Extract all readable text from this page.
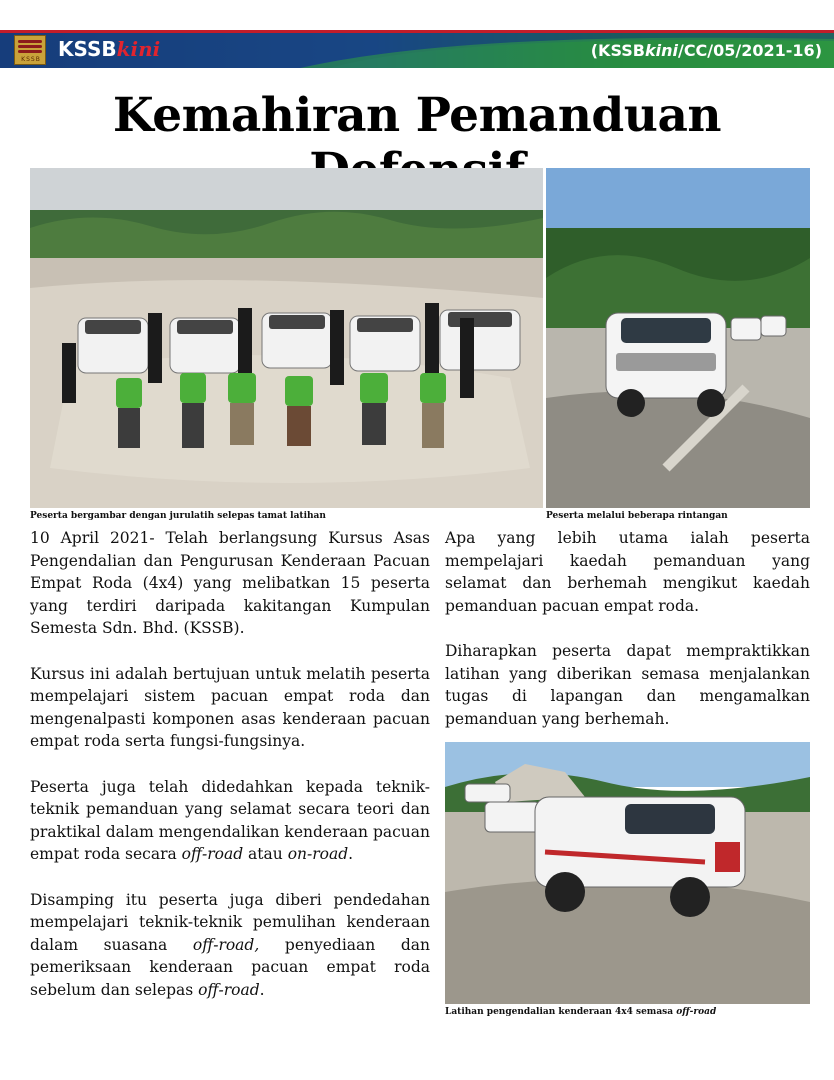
KSSB KSSBkini	(KSSBkini/CC/05/2021-16)
Kemahiran Pemanduan
Peserta bergambar dengan jurulatih selepas tamat latihan	Peserta melalui beberapa rintangan
Latihan pengendalian kenderaan 4x4 semasa off-road

10 April 2021- Telah berlangsung Kursus Asas Pengendalian dan Pengurusan Kenderaan Pacuan Empat Roda (4x4) yang melibatkan 15 peserta yang terdiri daripada kakitangan Kumpulan Semesta Sdn. Bhd. (KSSB).

Kursus ini adalah bertujuan untuk melatih peserta mempelajari sistem pacuan empat roda dan mengenalpasti komponen asas kenderaan pacuan empat roda serta fungsi-fungsinya.

Peserta juga telah didedahkan kepada teknik-teknik pemanduan yang selamat secara teori dan praktikal dalam mengendalikan kenderaan pacuan empat roda secara off-road atau on-road.

Disamping itu peserta juga diberi pendedahan mempelajari teknik-teknik pemulihan kenderaan dalam suasana off-road, penyediaan dan pemeriksaan kenderaan pacuan empat roda sebelum dan selepas off-road.

Apa yang lebih utama ialah peserta mempelajari kaedah pemanduan yang selamat dan berhemah mengikut kaedah pemanduan pacuan empat roda.

Diharapkan peserta dapat mempraktikkan latihan yang diberikan semasa menjalankan tugas di lapangan dan mengamalkan pemanduan yang berhemah.
